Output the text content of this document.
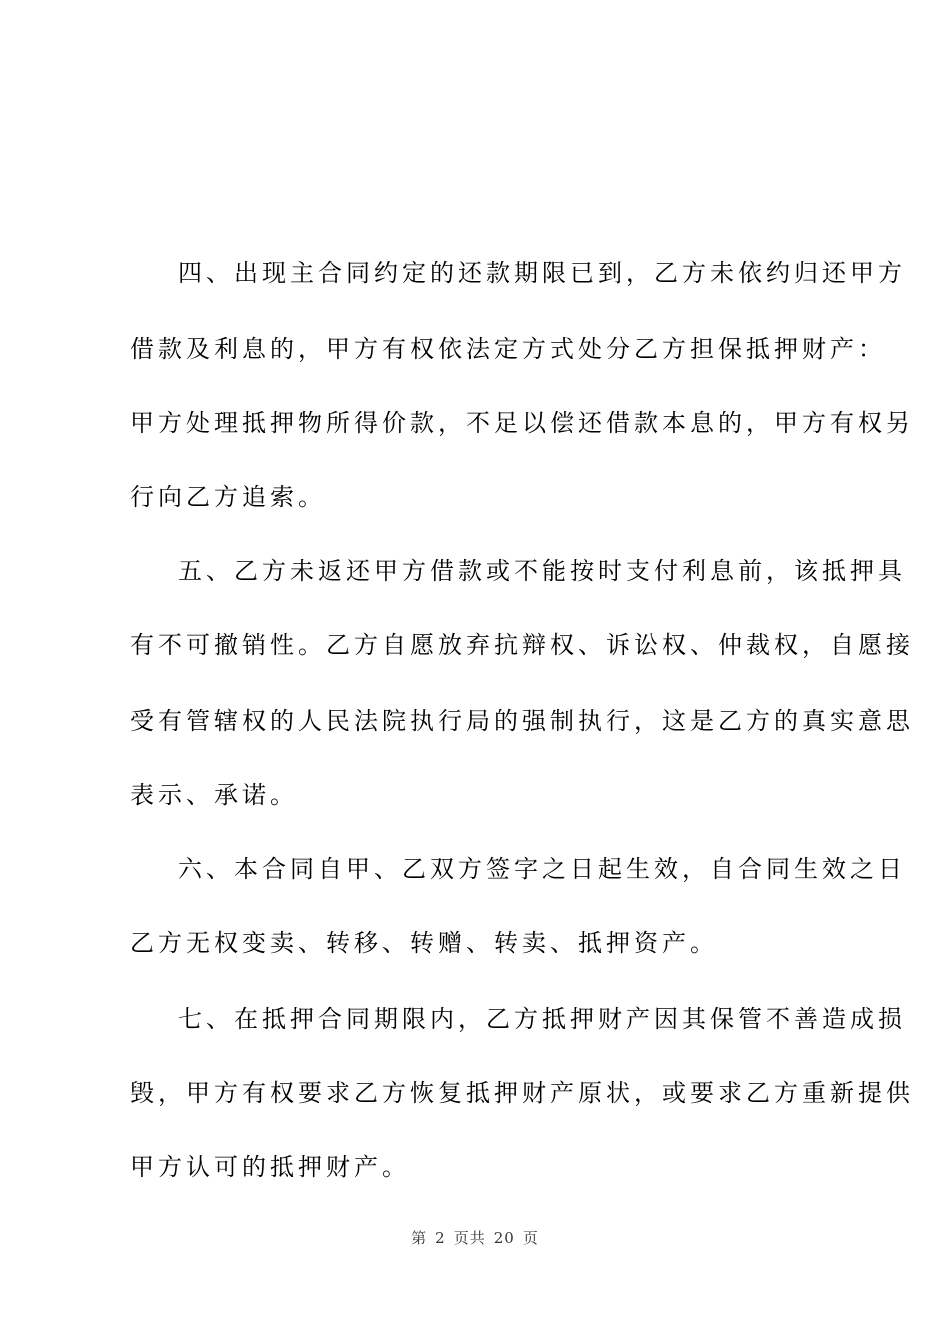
四、出现主合同约定的还款期限已到，乙方未依约归还甲方
借款及利息的，甲方有权依法定方式处分乙方担保抵押财产：
甲方处理抵押物所得价款，不足以偿还借款本息的，甲方有权另
行向乙方追索。
五、乙方未返还甲方借款或不能按时支付利息前，该抵押具
有不可撤销性。乙方自愿放弃抗辩权、诉讼权、仲裁权，自愿接
受有管辖权的人民法院执行局的强制执行，这是乙方的真实意思
表示、承诺。
六、本合同自甲、乙双方签字之日起生效，自合同生效之日
乙方无权变卖、转移、转赠、转卖、抵押资产。
七、在抵押合同期限内，乙方抵押财产因其保管不善造成损
毁，甲方有权要求乙方恢复抵押财产原状，或要求乙方重新提供
甲方认可的抵押财产。
第 2 页共 20 页
